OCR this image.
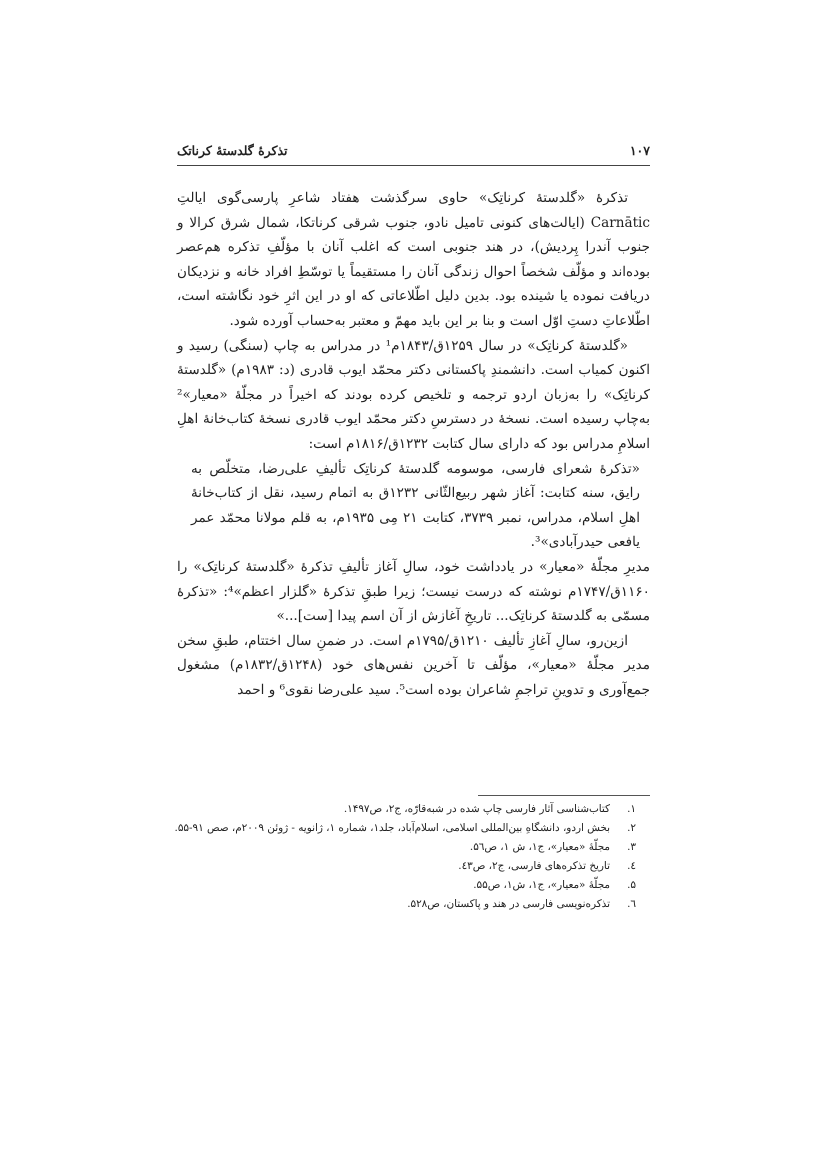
تذکرۀ گلدستۀ کرناتک	۱۰۷

تذکرۀ «گلدستۀ کرناتِک» حاوی سرگذشت هفتاد شاعرِ پارسی‌گوی ایالتِ Carnātic (ایالت‌های کنونی تامیل نادو، جنوب شرقی کرناتکا، شمال شرق کرالا و جنوب آندرا پِردیش)، در هند جنوبی است که اغلب آنان با مؤلّفِ تذکره هم‌عصر بوده‌اند و مؤلّف شخصاً احوال زندگی آنان را مستقیماً یا توسّطِ افراد خانه و نزدیکان دریافت نموده یا شینده بود. بدین دلیل اطّلاعاتی که او در این اثرِ خود نگاشته است، اطّلاعاتِ دستِ اوّل است و بنا بر این باید مهمّ و معتبر به‌حساب آورده شود.

«گلدستۀ کرناتِک» در سال ۱۲۵۹ق/۱۸۴۳م¹ در مدراس به چاپ (سنگی) رسید و اکنون کمیاب است. دانشمندِ پاکستانی دکتر محمّد ایوب قادری (د: ۱۹۸۳م) «گلدستۀ کرناتِک» را به‌زبان اردو ترجمه و تلخیص کرده بودند که اخیراً در مجلّۀ «معیار»² به‌چاپ رسیده است. نسخۀ در دسترسِ دکتر محمّد ایوب قادری نسخۀ کتاب‌خانۀ اهلِ اسلامِ مدراس بود که دارای سال کتابت ۱۲۳۲ق/۱۸۱۶م است:

«تذکرۀ شعرای فارسی، موسومه گلدستۀ کرناتِک تألیفِ علی‌رضا، متخلّص به رایق، سنه کتابت: آغاز شهر ربیع‌الثّانی ۱۲۳۲ق به اتمام رسید، نقل از کتاب‌خانۀ اهلِ اسلام، مدراس، نمبر ۳۷۳۹، کتابت ۲۱ مِی ۱۹۳۵م، به قلم مولانا محمّد عمر یافعی حیدرآبادی»³.

مدیرِ مجلّۀ «معیار» در یادداشت خود، سالِ آغاز تألیفِ تذکرۀ «گلدستۀ کرناتِک» را ۱۱۶۰ق/۱۷۴۷م نوشته که درست نیست؛ زیرا طبقِ تذکرۀ «گلزار اعظم»⁴: «تذکرۀ مسمّی به گلدستۀ کرناتِک... تاریخِ آغازش از آن اسم پیدا [ست]...»

ازین‌رو، سالِ آغازِ تألیف ۱۲۱۰ق/۱۷۹۵م است. در ضمنِ سال اختتام، طبقِ سخن مدیر مجلّۀ «معیار»، مؤلّف تا آخرین نفس‌های خود (۱۲۴۸ق/۱۸۳۲م) مشغول جمع‌آوری و تدوینِ تراجمِ شاعران بوده است⁵. سید علی‌رضا نقوی⁶ و احمد

۱.
کتاب‌شناسی آثار فارسی چاپ شده در شبه‌قارّه، ج۲، ص۱۴۹۷.
۲.
بخش اردو، دانشگاهِ بین‌المللی اسلامی، اسلام‌آباد، جلد۱، شماره ۱، ژانویه - ژوئن ۲۰۰۹م، صص ۹۱-۵۵.
۳.
مجلّۀ «معیار»، ج۱، ش ۱، ص۵٦.
٤.
تاریخ تذکره‌های فارسی، ج۲، ص٤۳.
۵.
مجلّۀ «معیار»، ج۱، ش۱، ص۵۵.
٦.
تذکره‌نویسی فارسی در هند و پاکستان، ص۵۲۸.
